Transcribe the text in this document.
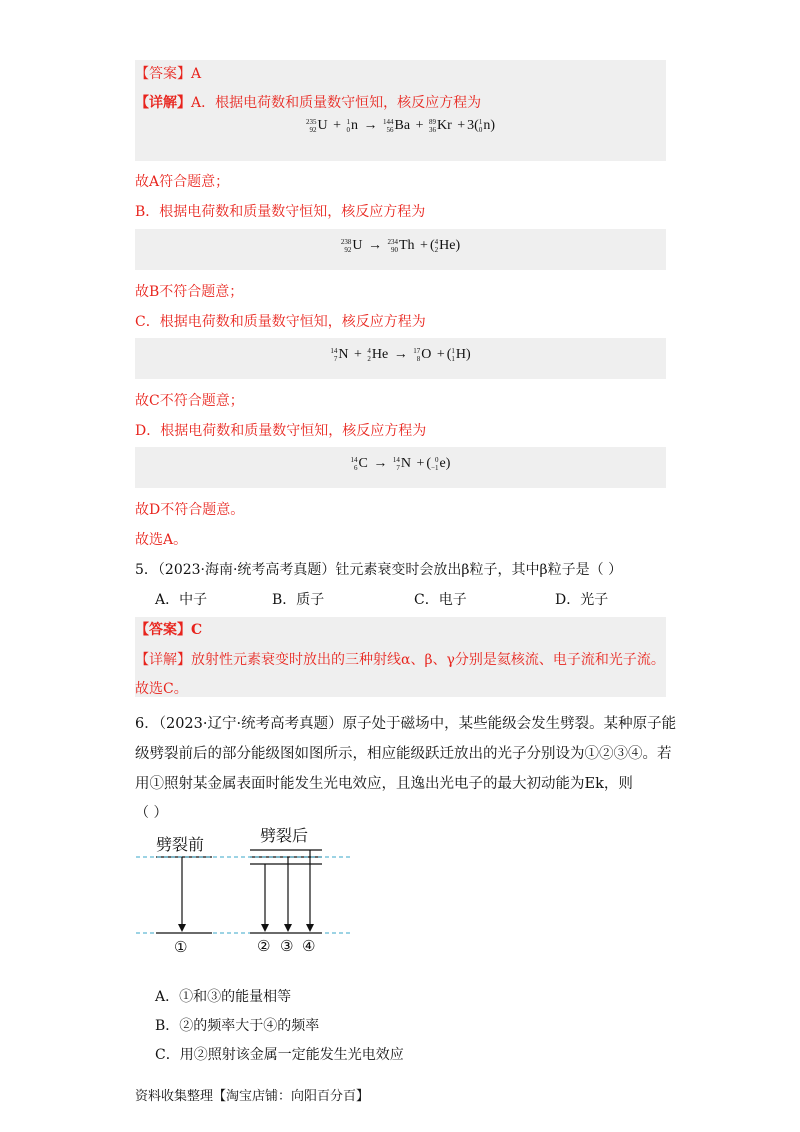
【答案】A
【详解】A．根据电荷数和质量数守恒知，核反应方程为
235
92 U + 1
0 n → 144
56 Ba + 89
36 Kr + 3( 1
0 n)
故A符合题意；
B．根据电荷数和质量数守恒知，核反应方程为
238
92 U → 234
90 Th + ( 4
2 He)
故B不符合题意；
C．根据电荷数和质量数守恒知，核反应方程为
14
7 N + 4
2 He → 17
8 O + ( 1
1 H)
故C不符合题意；
D．根据电荷数和质量数守恒知，核反应方程为
14
6 C → 14
7 N + ( 0
−1 e)
故D不符合题意。
故选A。
5．（2023·海南·统考高考真题）钍元素衰变时会放出β粒子，其中β粒子是（ ）
A．中子	B．质子	C．电子	D．光子
【答案】C
【详解】放射性元素衰变时放出的三种射线α、β、γ分别是氦核流、电子流和光子流。
故选C。
6．（2023·辽宁·统考高考真题）原子处于磁场中，某些能级会发生劈裂。某种原子能
级劈裂前后的部分能级图如图所示，相应能级跃迁放出的光子分别设为①②③④。若
用①照射某金属表面时能发生光电效应，且逸出光电子的最大初动能为Ek，则
（ ）
劈裂前	劈裂后
①	② ③ ④
A．①和③的能量相等
B．②的频率大于④的频率
C．用②照射该金属一定能发生光电效应
资料收集整理【淘宝店铺：向阳百分百】
